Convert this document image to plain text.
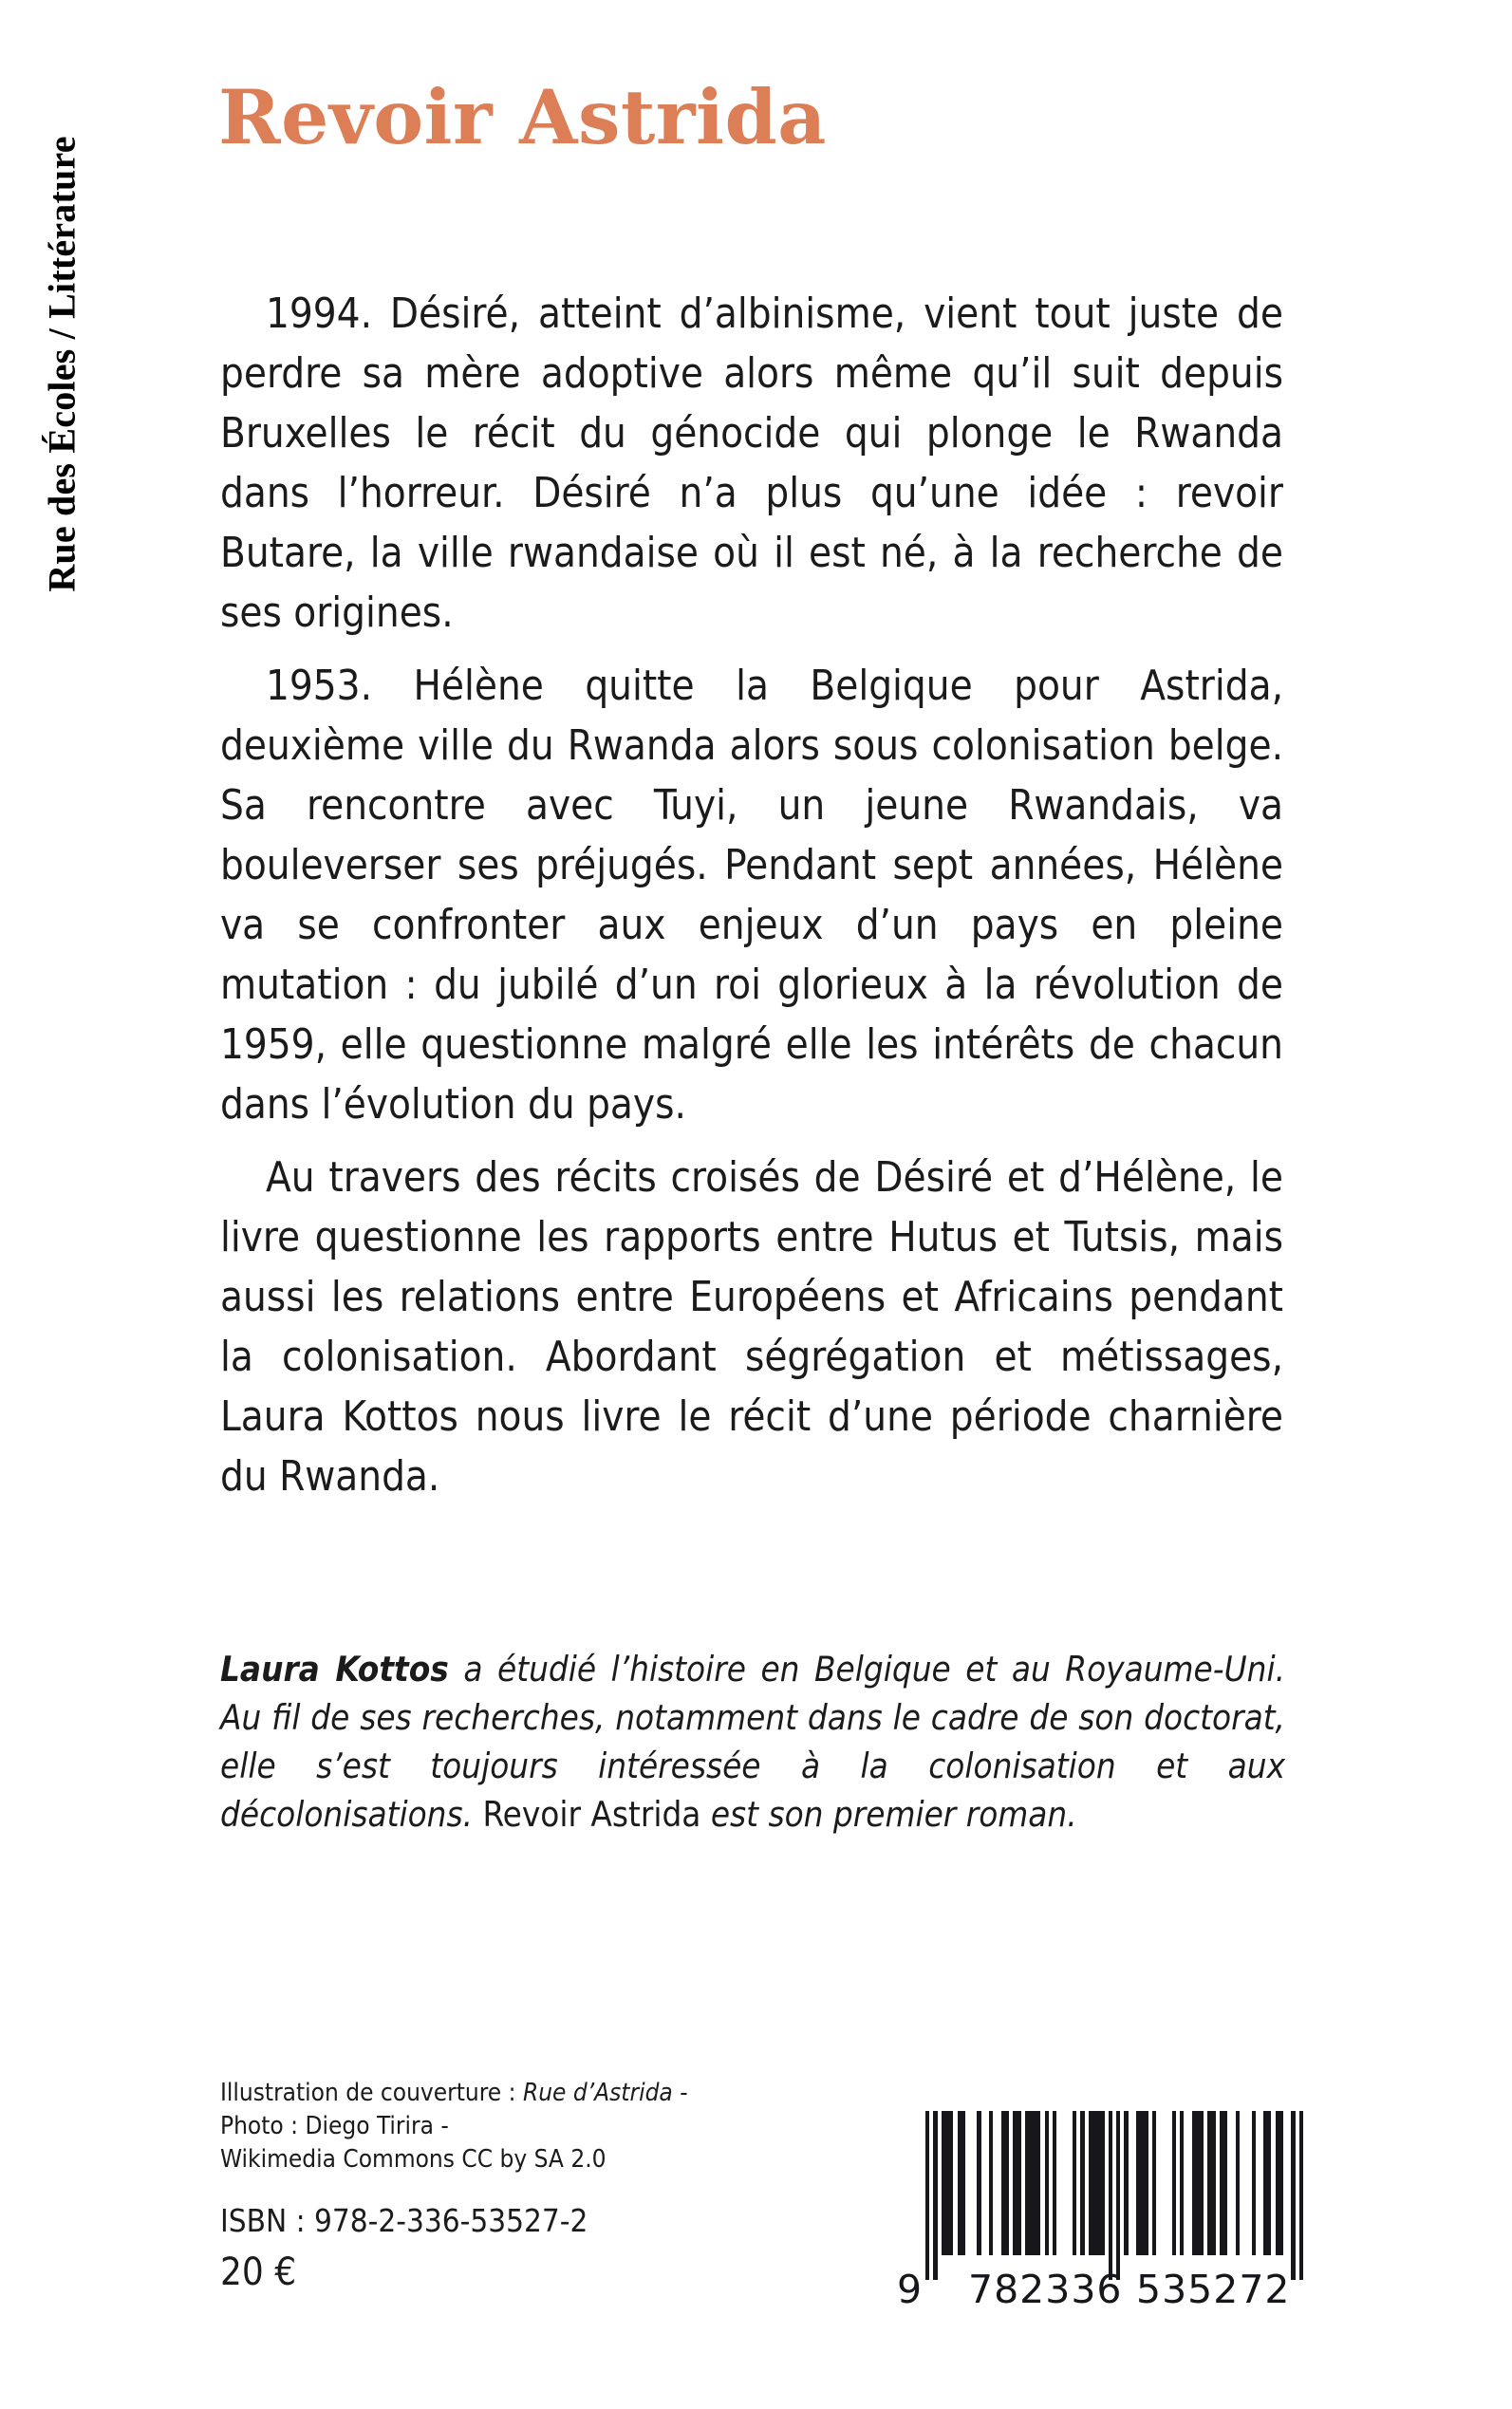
Rue des Écoles / Littérature
Revoir Astrida

1994. Désiré, atteint d’albinisme, vient tout juste de perdre sa mère adoptive alors même qu’il suit depuis Bruxelles le récit du génocide qui plonge le Rwanda dans l’horreur. Désiré n’a plus qu’une idée : revoir Butare, la ville rwandaise où il est né, à la recherche de ses origines.

1953. Hélène quitte la Belgique pour Astrida, deuxième ville du Rwanda alors sous colonisation belge. Sa rencontre avec Tuyi, un jeune Rwandais, va bouleverser ses préjugés. Pendant sept années, Hélène va se confronter aux enjeux d’un pays en pleine mutation : du jubilé d’un roi glorieux à la révolution de 1959, elle questionne malgré elle les intérêts de chacun dans l’évolution du pays.

Au travers des récits croisés de Désiré et d’Hélène, le livre questionne les rapports entre Hutus et Tutsis, mais aussi les relations entre Européens et Africains pendant la colonisation. Abordant ségrégation et métissages, Laura Kottos nous livre le récit d’une période charnière du Rwanda.

Laura Kottos a étudié l’histoire en Belgique et au Royaume-Uni. Au fil de ses recherches, notamment dans le cadre de son doctorat, elle s’est toujours intéressée à la colonisation et aux décolonisations. Revoir Astrida est son premier roman.
Illustration de couverture : Rue d’Astrida -
Photo : Diego Tirira -
Wikimedia Commons CC by SA 2.0
ISBN : 978-2-336-53527-2
20 €	9 782336 535272
